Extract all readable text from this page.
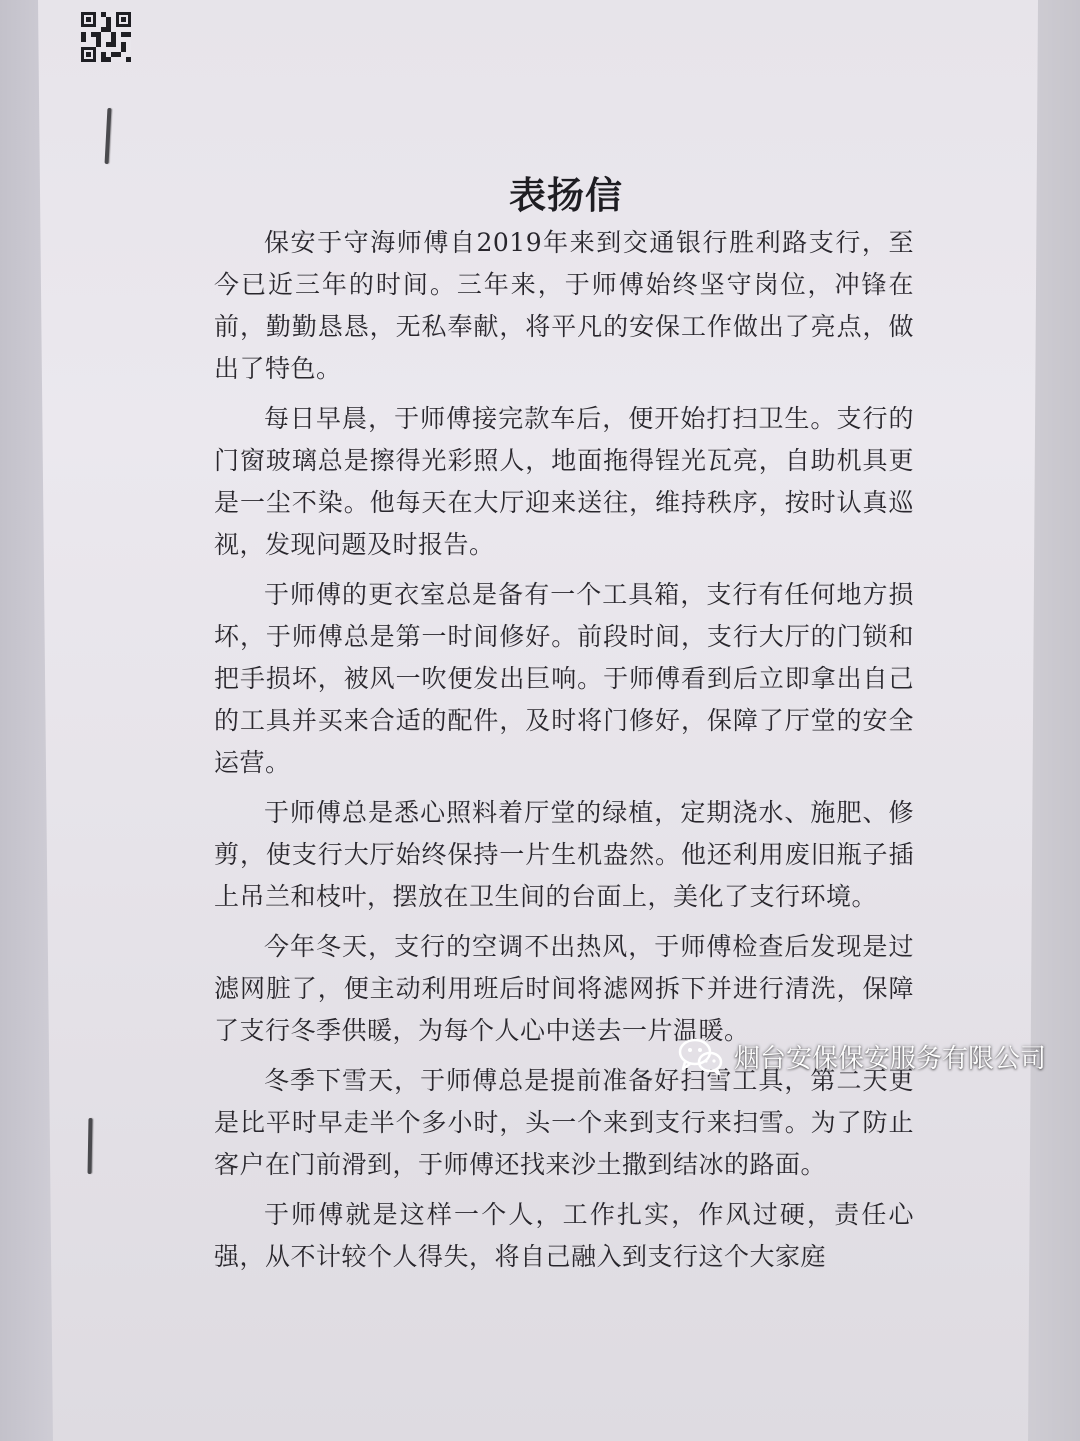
表扬信

保安于守海师傅自2019年来到交通银行胜利路支行，至今已近三年的时间。三年来，于师傅始终坚守岗位，冲锋在前，勤勤恳恳，无私奉献，将平凡的安保工作做出了亮点，做出了特色。

每日早晨，于师傅接完款车后，便开始打扫卫生。支行的门窗玻璃总是擦得光彩照人，地面拖得锃光瓦亮，自助机具更是一尘不染。他每天在大厅迎来送往，维持秩序，按时认真巡视，发现问题及时报告。

于师傅的更衣室总是备有一个工具箱，支行有任何地方损坏，于师傅总是第一时间修好。前段时间，支行大厅的门锁和把手损坏，被风一吹便发出巨响。于师傅看到后立即拿出自己的工具并买来合适的配件，及时将门修好，保障了厅堂的安全运营。

于师傅总是悉心照料着厅堂的绿植，定期浇水、施肥、修剪，使支行大厅始终保持一片生机盎然。他还利用废旧瓶子插上吊兰和枝叶，摆放在卫生间的台面上，美化了支行环境。

今年冬天，支行的空调不出热风，于师傅检查后发现是过滤网脏了，便主动利用班后时间将滤网拆下并进行清洗，保障了支行冬季供暖，为每个人心中送去一片温暖。

冬季下雪天，于师傅总是提前准备好扫雪工具，第二天更是比平时早走半个多小时，头一个来到支行来扫雪。为了防止客户在门前滑到，于师傅还找来沙土撒到结冰的路面。

于师傅就是这样一个人，工作扎实，作风过硬，责任心强，从不计较个人得失，将自己融入到支行这个大家庭

烟台安保保安服务有限公司
